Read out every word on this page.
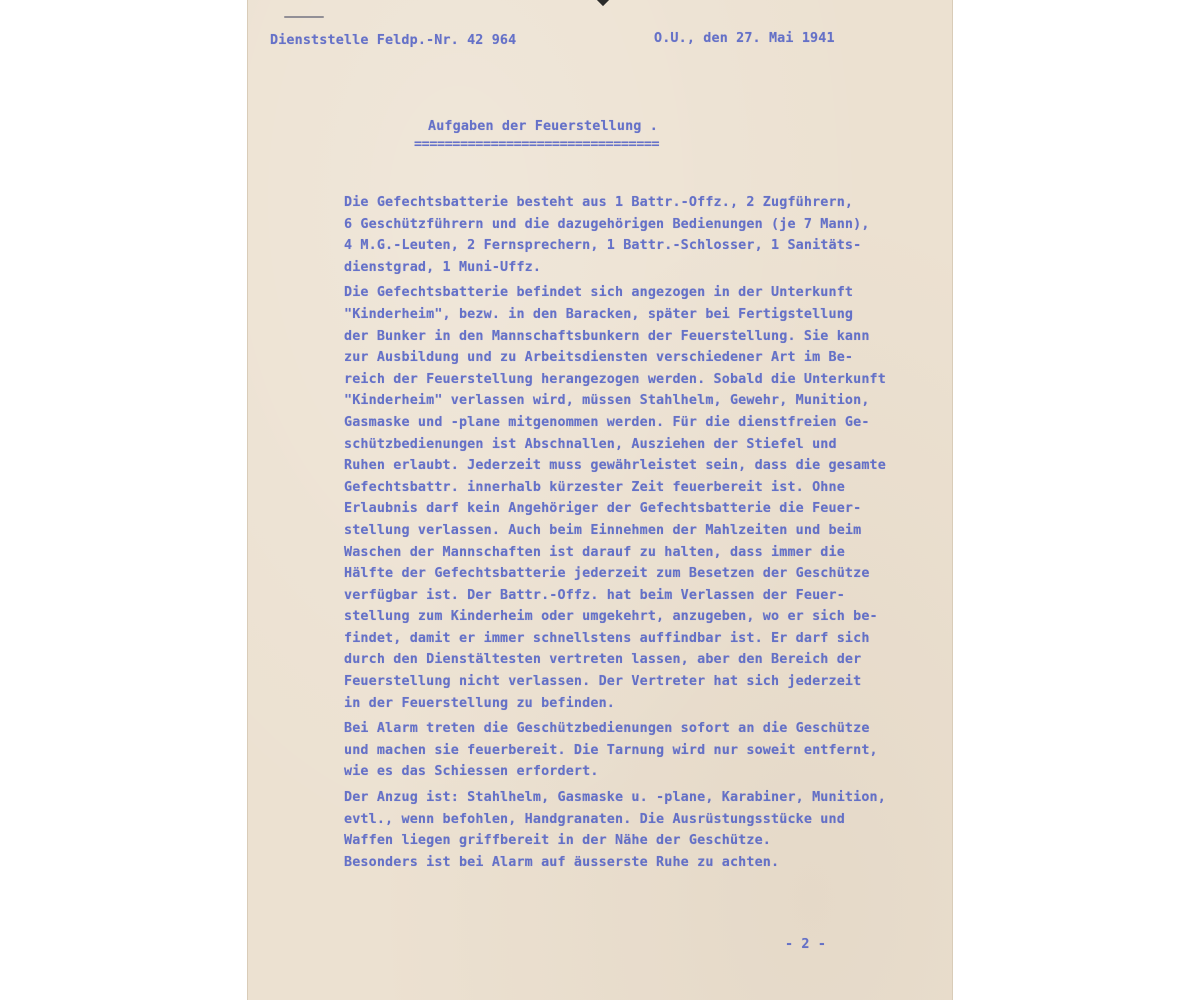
Dienststelle Feldp.-Nr. 42 964	O.U., den 27. Mai 1941
Aufgaben der Feuerstellung .
================================
Die Gefechtsbatterie besteht aus 1 Battr.-Offz., 2 Zugführern,
6 Geschützführern und die dazugehörigen Bedienungen (je 7 Mann),
4 M.G.-Leuten, 2 Fernsprechern, 1 Battr.-Schlosser, 1 Sanitäts-
dienstgrad, 1 Muni-Uffz.
Die Gefechtsbatterie befindet sich angezogen in der Unterkunft
"Kinderheim", bezw. in den Baracken, später bei Fertigstellung
der Bunker in den Mannschaftsbunkern der Feuerstellung. Sie kann
zur Ausbildung und zu Arbeitsdiensten verschiedener Art im Be-
reich der Feuerstellung herangezogen werden. Sobald die Unterkunft
"Kinderheim" verlassen wird, müssen Stahlhelm, Gewehr, Munition,
Gasmaske und -plane mitgenommen werden. Für die dienstfreien Ge-
schützbedienungen ist Abschnallen, Ausziehen der Stiefel und
Ruhen erlaubt. Jederzeit muss gewährleistet sein, dass die gesamte
Gefechtsbattr. innerhalb kürzester Zeit feuerbereit ist. Ohne
Erlaubnis darf kein Angehöriger der Gefechtsbatterie die Feuer-
stellung verlassen. Auch beim Einnehmen der Mahlzeiten und beim
Waschen der Mannschaften ist darauf zu halten, dass immer die
Hälfte der Gefechtsbatterie jederzeit zum Besetzen der Geschütze
verfügbar ist. Der Battr.-Offz. hat beim Verlassen der Feuer-
stellung zum Kinderheim oder umgekehrt, anzugeben, wo er sich be-
findet, damit er immer schnellstens auffindbar ist. Er darf sich
durch den Dienstältesten vertreten lassen, aber den Bereich der
Feuerstellung nicht verlassen. Der Vertreter hat sich jederzeit
in der Feuerstellung zu befinden.
Bei Alarm treten die Geschützbedienungen sofort an die Geschütze
und machen sie feuerbereit. Die Tarnung wird nur soweit entfernt,
wie es das Schiessen erfordert.
Der Anzug ist: Stahlhelm, Gasmaske u. -plane, Karabiner, Munition,
evtl., wenn befohlen, Handgranaten. Die Ausrüstungsstücke und
Waffen liegen griffbereit in der Nähe der Geschütze.
Besonders ist bei Alarm auf äusserste Ruhe zu achten.
- 2 -
